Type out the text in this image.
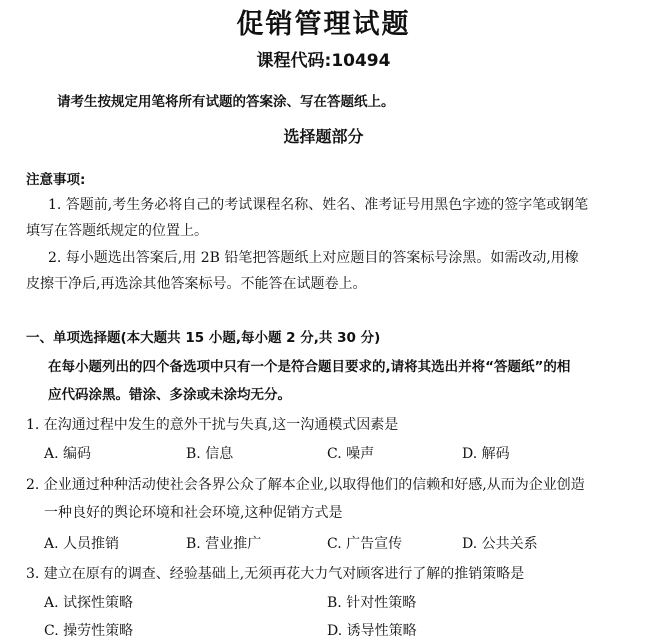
促销管理试题
课程代码:10494
请考生按规定用笔将所有试题的答案涂、写在答题纸上。
选择题部分
注意事项:
1. 答题前,考生务必将自己的考试课程名称、姓名、准考证号用黑色字迹的签字笔或钢笔
填写在答题纸规定的位置上。
2. 每小题选出答案后,用 2B 铅笔把答题纸上对应题目的答案标号涂黑。如需改动,用橡
皮擦干净后,再选涂其他答案标号。不能答在试题卷上。
一、单项选择题(本大题共 15 小题,每小题 2 分,共 30 分)
在每小题列出的四个备选项中只有一个是符合题目要求的,请将其选出并将“答题纸”的相
应代码涂黑。错涂、多涂或未涂均无分。
1. 在沟通过程中发生的意外干扰与失真,这一沟通模式因素是
A. 编码	B. 信息	C. 噪声	D. 解码
2. 企业通过种种活动使社会各界公众了解本企业,以取得他们的信赖和好感,从而为企业创造
一种良好的舆论环境和社会环境,这种促销方式是
A. 人员推销	B. 营业推广	C. 广告宣传	D. 公共关系
3. 建立在原有的调查、经验基础上,无须再花大力气对顾客进行了解的推销策略是
A. 试探性策略	B. 针对性策略
C. 操劳性策略	D. 诱导性策略
